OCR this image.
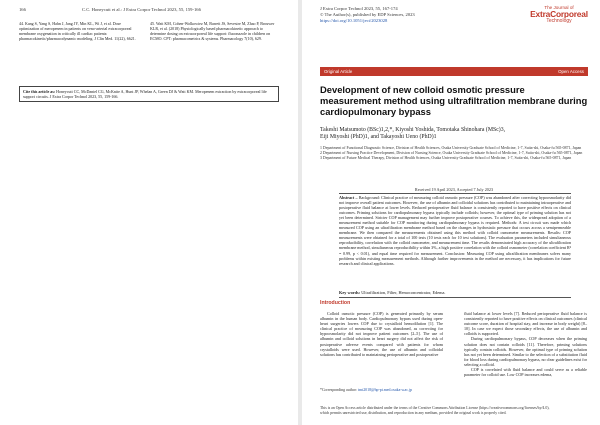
166	C.C. Honeycutt et al.: J Extra Corpor Technol 2023, 55, 159-166
44. Kang S, Yang S, Hahn J, Jang JY, Min KL, Wi J, et al. Dose optimization of meropenem in patients on veno-arterial extracorporeal membrane oxygenation in critically ill cardiac patients: pharmacokinetic/pharmacodynamic modeling. J Clin Med. 11(22), 6621.
45. Watt KM, Cohen-Wolkowiez M, Barrett JS, Sevestre M, Zhao P, Brouwer KLR, et al. (2018) Physiologically based pharmacokinetic approach to determine dosing on extracorporeal life support: fluconazole in children on ECMO. CPT: pharmacometrics & systems. Pharmacology 7(10), 629.
Cite this article as: Honeycutt CC, McDaniel CG, McKnite A, Hunt JP, Whelan A, Green DJ & Watt KM. Meropenem extraction by extracorporeal life support circuits. J Extra Corpor Technol 2023, 55, 159-166.
J Extra Corpor Technol 2023, 55, 167-174
© The Author(s), published by EDP Sciences, 2023
https://doi.org/10.1051/ject/2023028
The Journal of
ExtraCorporeal
Technology
Original Article	Open Access
Development of new colloid osmotic pressure measurement method using ultrafiltration membrane during cardiopulmonary bypass
Takeshi Matsumoto (BSc)1,2,*, Kiyoshi Yoshida, Tomotaka Shinohara (MSc)3,
Eiji Miyoshi (PhD)1, and Takayoshi Ueno (PhD)1
1 Department of Functional Diagnostic Science, Division of Health Sciences, Osaka University Graduate School of Medicine, 1-7, Suita-shi, Osaka-fu 565-0871, Japan
2 Department of Nursing Practice Development, Division of Nursing Science, Osaka University Graduate School of Medicine, 1-7, Suita-shi, Osaka-fu 565-0871, Japan
3 Department of Future Medical Therapy, Division of Health Sciences, Osaka University Graduate School of Medicine, 1-7, Suita-shi, Osaka-fu 565-0871, Japan
Received 19 April 2023, Accepted 7 July 2023
Abstract – Background: Clinical practice of measuring colloid osmotic pressure (COP) was abandoned after correcting hypoosmolarity did not improve overall patient outcomes. However, the use of albumin and colloidal solutions has contributed to maintaining intraoperative and postoperative fluid balance at lower levels. Reduced perioperative fluid balance is consistently reported to have positive effects on clinical outcomes. Priming solutions for cardiopulmonary bypass typically include colloids; however, the optimal type of priming solution has not yet been determined. Stricter COP management may further improve postoperative courses. To achieve this, the widespread adoption of a measurement method suitable for COP monitoring during cardiopulmonary bypass is required. Methods: A test circuit was made which measured COP using an ultrafiltration membrane method based on the changes in hydrostatic pressure that occurs across a semipermeable membrane. We then compared the measurements obtained using this method with colloid osmometer measurements. Results: COP measurements were obtained for a total of 100 tests (10 tests each for 10 test solutions). The evaluation parameters included simultaneous reproducibility, correlation with the colloid osmometer, and measurement time. The results demonstrated high accuracy of the ultrafiltration membrane method, simultaneous reproducibility within 3%, a high positive correlation with the colloid osmometer (correlation coefficient R² = 0.99, p < 0.01), and equal time required for measurement. Conclusion: Measuring COP using ultrafiltration membranes solves many problems within existing measurement methods. Although further improvements in the method are necessary, it has implications for future research and clinical applications.
Key words: Ultrafiltration, Filter, Hemoconcentrator, Edema.
Introduction

Colloid osmotic pressure (COP) is generated primarily by serum albumin in the human body. Cardiopulmonary bypass used during open-heart surgeries lowers COP due to crystalloid hemodilution [1]. The clinical practice of measuring COP was abandoned, as correcting for hypoosmolarity did not improve patient outcomes [2–5]. The use of albumin and colloid solutions in heart surgery did not affect the risk of postoperative adverse events compared with patients for whom crystalloids were used. However, the use of albumin and colloidal solutions has contributed to maintaining perioperative and postoperative

fluid balance at lower levels [7]. Reduced perioperative fluid balance is consistently reported to have positive effects on clinical outcomes (clinical outcome score, duration of hospital stay, and increase in body weight) [8–10]. In case we expect those secondary effects, the use of albumin and colloids is supported.

During cardiopulmonary bypass, COP decreases when the priming solution does not contain colloids [11]. Therefore, priming solutions typically contain colloids. However, the optimal type of priming solution has not yet been determined. Similar to the selection of a substitution fluid for blood loss during cardiopulmonary bypass, no clear guidelines exist for selecting a colloid.

COP is correlated with fluid balance and could serve as a reliable parameter for colloid use. Low COP increases edema,

*Corresponding author: tmt2018@hp-pt.med.osaka-u.ac.jp
This is an Open Access article distributed under the terms of the Creative Commons Attribution License (https://creativecommons.org/licenses/by/4.0),
which permits unrestricted use, distribution, and reproduction in any medium, provided the original work is properly cited.
